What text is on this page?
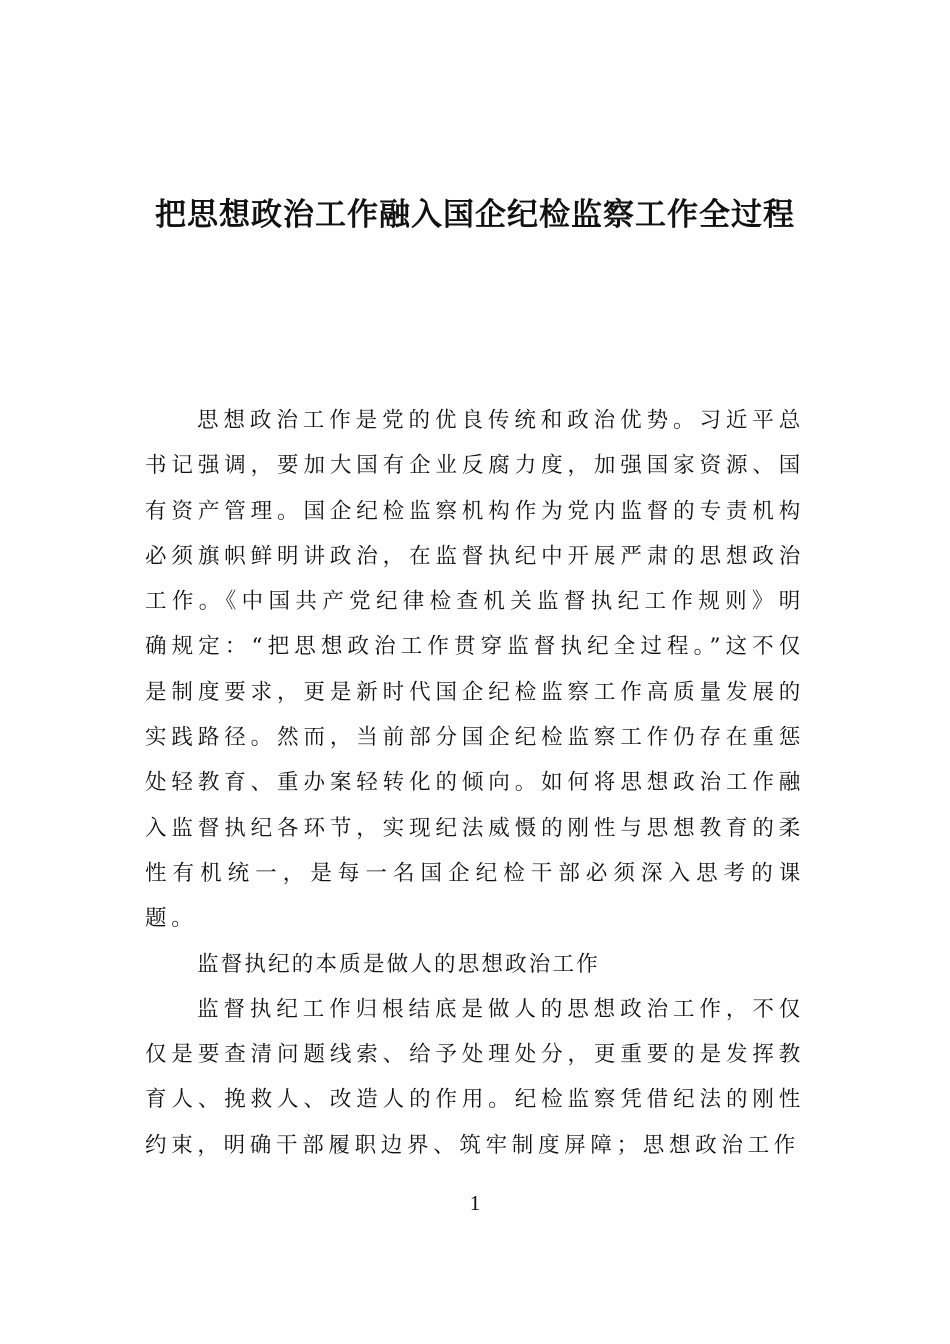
把思想政治工作融入国企纪检监察工作全过程

思想政治工作是党的优良传统和政治优势。习近平总书记强调，要加大国有企业反腐力度，加强国家资源、国有资产管理。国企纪检监察机构作为党内监督的专责机构必须旗帜鲜明讲政治，在监督执纪中开展严肃的思想政治工作。《中国共产党纪律检查机关监督执纪工作规则》明确规定：“把思想政治工作贯穿监督执纪全过程。”这不仅是制度要求，更是新时代国企纪检监察工作高质量发展的实践路径。然而，当前部分国企纪检监察工作仍存在重惩处轻教育、重办案轻转化的倾向。如何将思想政治工作融入监督执纪各环节，实现纪法威慑的刚性与思想教育的柔性有机统一，是每一名国企纪检干部必须深入思考的课题。

监督执纪的本质是做人的思想政治工作

监督执纪工作归根结底是做人的思想政治工作，不仅仅是要查清问题线索、给予处理处分，更重要的是发挥教育人、挽救人、改造人的作用。纪检监察凭借纪法的刚性约束，明确干部履职边界、筑牢制度屏障；思想政治工作

1
